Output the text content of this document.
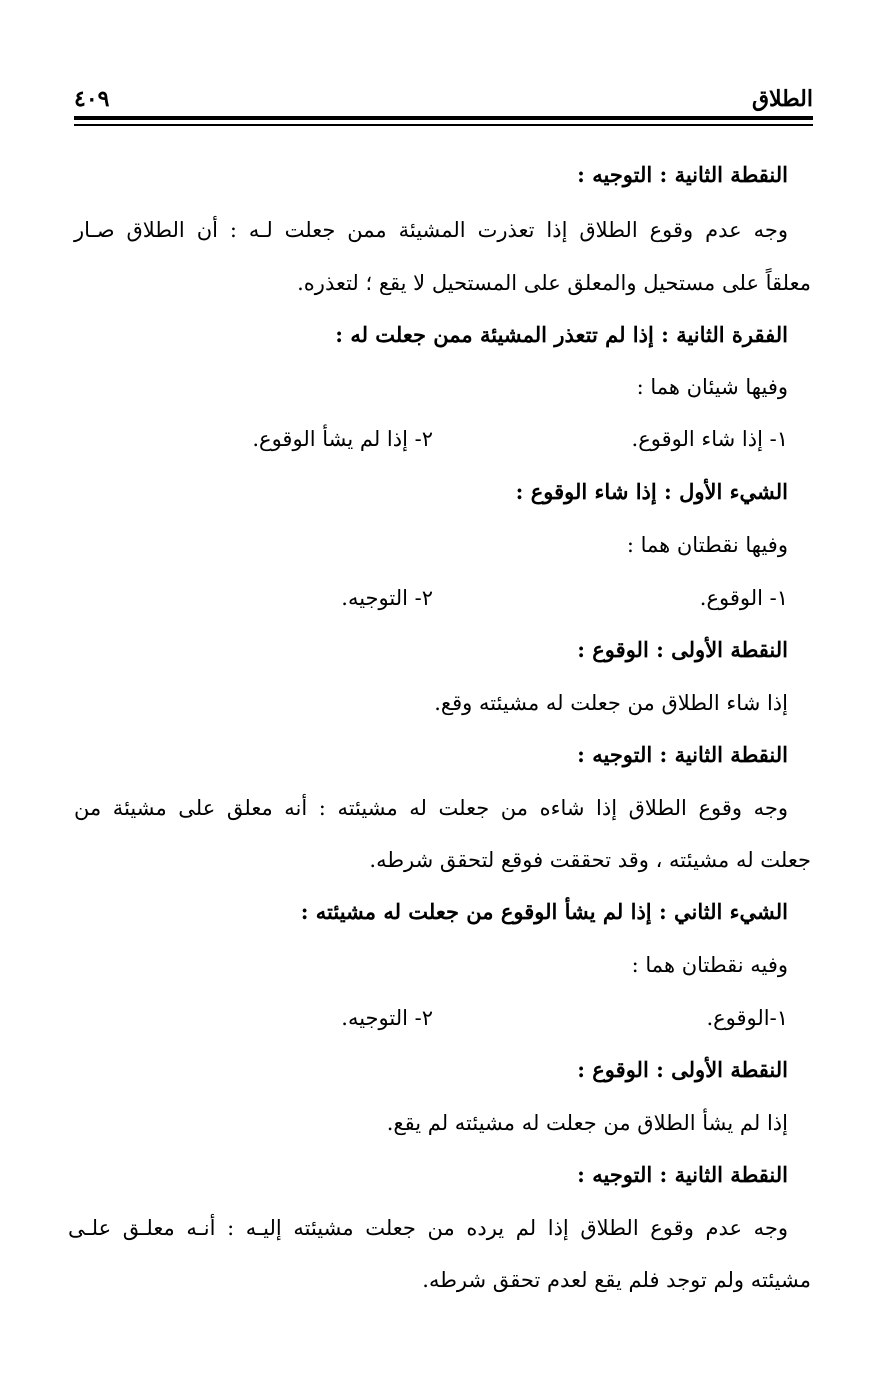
الطلاق
٤٠٩
النقطة الثانية : التوجيه :
وجه عدم وقوع الطلاق إذا تعذرت المشيئة ممن جعلت لـه : أن الطلاق صـار
معلقاً على مستحيل والمعلق على المستحيل لا يقع ؛ لتعذره.
الفقرة الثانية : إذا لم تتعذر المشيئة ممن جعلت له :
وفيها شيئان هما :
١- إذا شاء الوقوع.
٢- إذا لم يشأ الوقوع.
الشيء الأول : إذا شاء الوقوع :
وفيها نقطتان هما :
١- الوقوع.
٢- التوجيه.
النقطة الأولى : الوقوع :
إذا شاء الطلاق من جعلت له مشيئته وقع.
النقطة الثانية : التوجيه :
وجه وقوع الطلاق إذا شاءه من جعلت له مشيئته : أنه معلق على مشيئة من
جعلت له مشيئته ، وقد تحققت فوقع لتحقق شرطه.
الشيء الثاني : إذا لم يشأ الوقوع من جعلت له مشيئته :
وفيه نقطتان هما :
١-الوقوع.
٢- التوجيه.
النقطة الأولى : الوقوع :
إذا لم يشأ الطلاق من جعلت له مشيئته لم يقع.
النقطة الثانية : التوجيه :
وجه عدم وقوع الطلاق إذا لم يرده من جعلت مشيئته إليـه : أنـه معلـق علـى
مشيئته ولم توجد فلم يقع لعدم تحقق شرطه.
